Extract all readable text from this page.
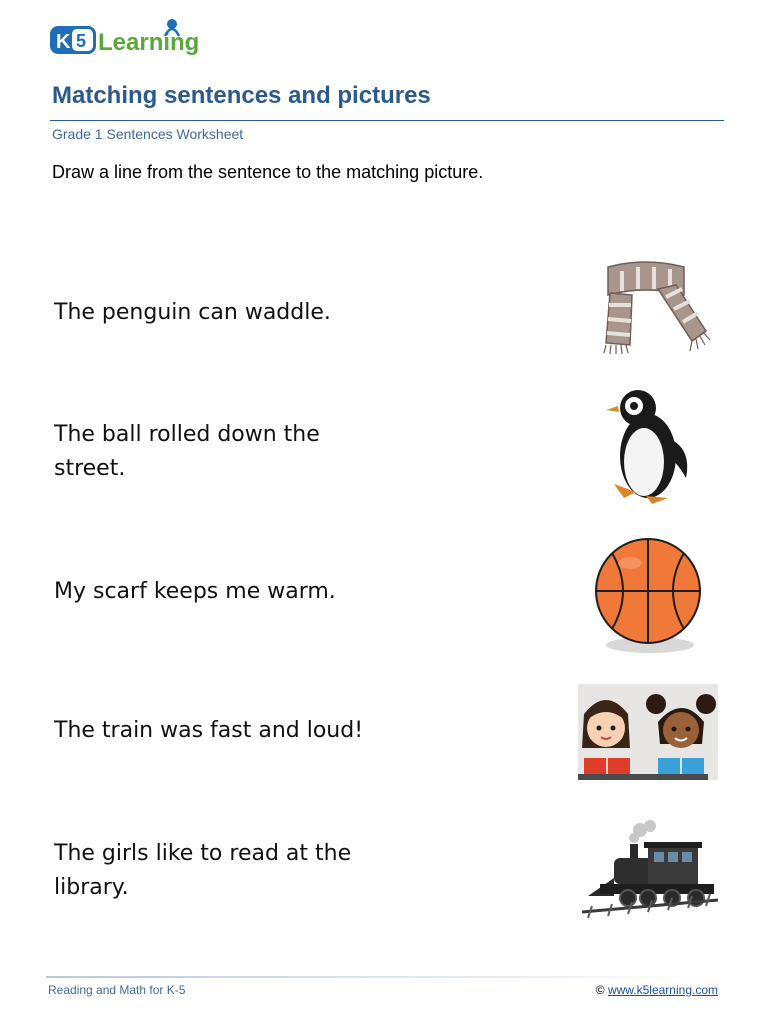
K 5 Learning
Matching sentences and pictures
Grade 1 Sentences Worksheet
Draw a line from the sentence to the matching picture.
The penguin can waddle.
The ball rolled down the
street.
My scarf keeps me warm.
The train was fast and loud!
The girls like to read at the
library.
Reading and Math for K-5	© www.k5learning.com
